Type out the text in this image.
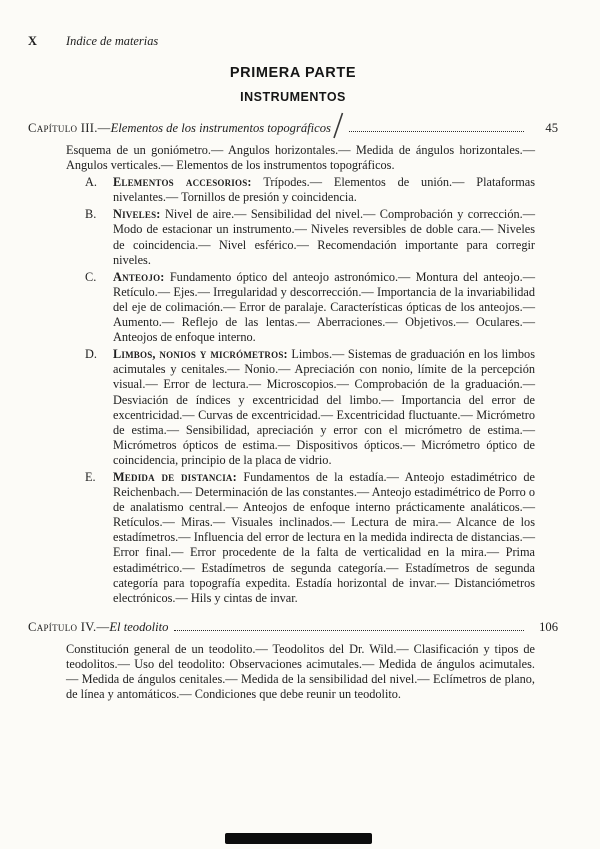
X	Indice de materias
PRIMERA PARTE
INSTRUMENTOS
Capítulo III.— Elementos de los instrumentos topográficos	45

Esquema de un goniómetro.— Angulos horizontales.— Medida de ángulos horizontales.— Angulos verticales.— Elementos de los instrumentos topográficos.

A.	Elementos accesorios: Trípodes.— Elementos de unión.— Plataformas nivelantes.— Tornillos de presión y coincidencia.
B.	Niveles: Nivel de aire.— Sensibilidad del nivel.— Comprobación y corrección.— Modo de estacionar un instrumento.— Niveles reversibles de doble cara.— Niveles de coincidencia.— Nivel esférico.— Recomendación importante para corregir niveles.
C.	Anteojo: Fundamento óptico del anteojo astronómico.— Montura del anteojo.— Retículo.— Ejes.— Irregularidad y descorrección.— Importancia de la invariabilidad del eje de colimación.— Error de paralaje. Características ópticas de los anteojos.— Aumento.— Reflejo de las lentas.— Aberraciones.— Objetivos.— Oculares.—Anteojos de enfoque interno.
D.	Limbos, nonios y micrómetros: Limbos.— Sistemas de graduación en los limbos acimutales y cenitales.— Nonio.— Apreciación con nonio, límite de la percepción visual.— Error de lectura.— Microscopios.— Comprobación de la graduación.— Desviación de índices y excentricidad del limbo.— Importancia del error de excentricidad.— Curvas de excentricidad.— Excentricidad fluctuante.— Micrómetro de estima.— Sensibilidad, apreciación y error con el micrómetro de estima.— Micrómetros ópticos de estima.— Dispositivos ópticos.— Micrómetro óptico de coincidencia, principio de la placa de vidrio.
E.	Medida de distancia: Fundamentos de la estadía.— Anteojo estadimétrico de Reichenbach.— Determinación de las constantes.— Anteojo estadimétrico de Porro o de analatismo central.— Anteojos de enfoque interno prácticamente analáticos.— Retículos.— Miras.— Visuales inclinados.— Lectura de mira.— Alcance de los estadímetros.— Influencia del error de lectura en la medida indirecta de distancias.— Error final.— Error procedente de la falta de verticalidad en la mira.— Prima estadimétrico.— Estadímetros de segunda categoría.— Estadímetros de segunda categoría para topografía expedita. Estadía horizontal de invar.— Distanciómetros electrónicos.— Hils y cintas de invar.
Capítulo IV.— El teodolito	106

Constitución general de un teodolito.— Teodolitos del Dr. Wild.— Clasificación y tipos de teodolitos.— Uso del teodolito: Observaciones acimutales.— Medida de ángulos acimutales.— Medida de ángulos cenitales.— Medida de la sensibilidad del nivel.— Eclímetros de plano, de línea y antomáticos.— Condiciones que debe reunir un teodolito.
